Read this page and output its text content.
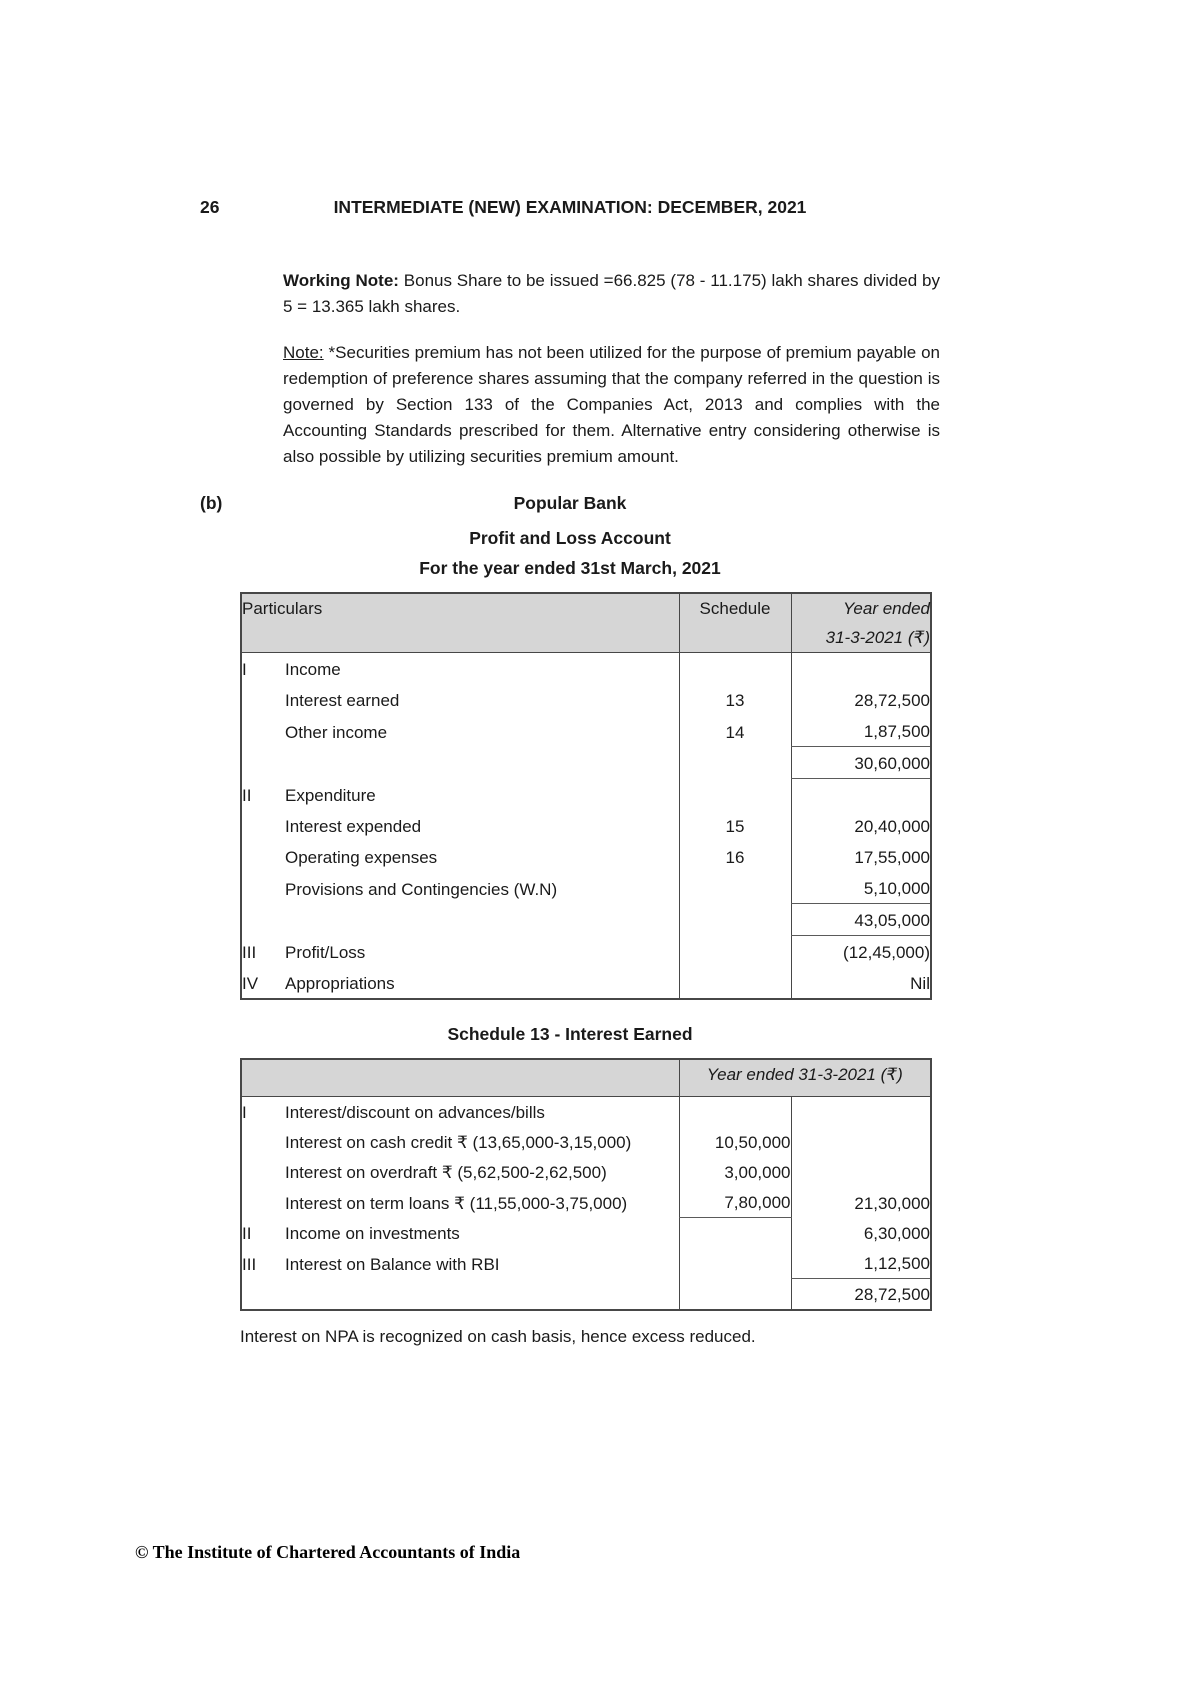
26	INTERMEDIATE (NEW) EXAMINATION: DECEMBER, 2021

Working Note: Bonus Share to be issued =66.825 (78 - 11.175) lakh shares divided by 5 = 13.365 lakh shares.

Note: *Securities premium has not been utilized for the purpose of premium payable on redemption of preference shares assuming that the company referred in the question is governed by Section 133 of the Companies Act, 2013 and complies with the Accounting Standards prescribed for them. Alternative entry considering otherwise is also possible by utilizing securities premium amount.

(b)	Popular Bank
Profit and Loss Account
For the year ended 31st March, 2021
Particulars		Schedule	Year ended
31-3-2021 (₹)

I	Income		
	Interest earned	13	28,72,500
	Other income	14	1,87,500
			30,60,000
II	Expenditure		
	Interest expended	15	20,40,000
	Operating expenses	16	17,55,000
	Provisions and Contingencies (W.N)		5,10,000
			43,05,000
III	Profit/Loss		(12,45,000)
IV	Appropriations		Nil
Schedule 13 - Interest Earned
		Year ended 31-3-2021 (₹)	
I	Interest/discount on advances/bills		
	Interest on cash credit ₹ (13,65,000-3,15,000)	10,50,000	
	Interest on overdraft ₹ (5,62,500-2,62,500)	3,00,000	
	Interest on term loans ₹ (11,55,000-3,75,000)	7,80,000	21,30,000
II	Income on investments		6,30,000
III	Interest on Balance with RBI		1,12,500
			28,72,500

Interest on NPA is recognized on cash basis, hence excess reduced.

© The Institute of Chartered Accountants of India
